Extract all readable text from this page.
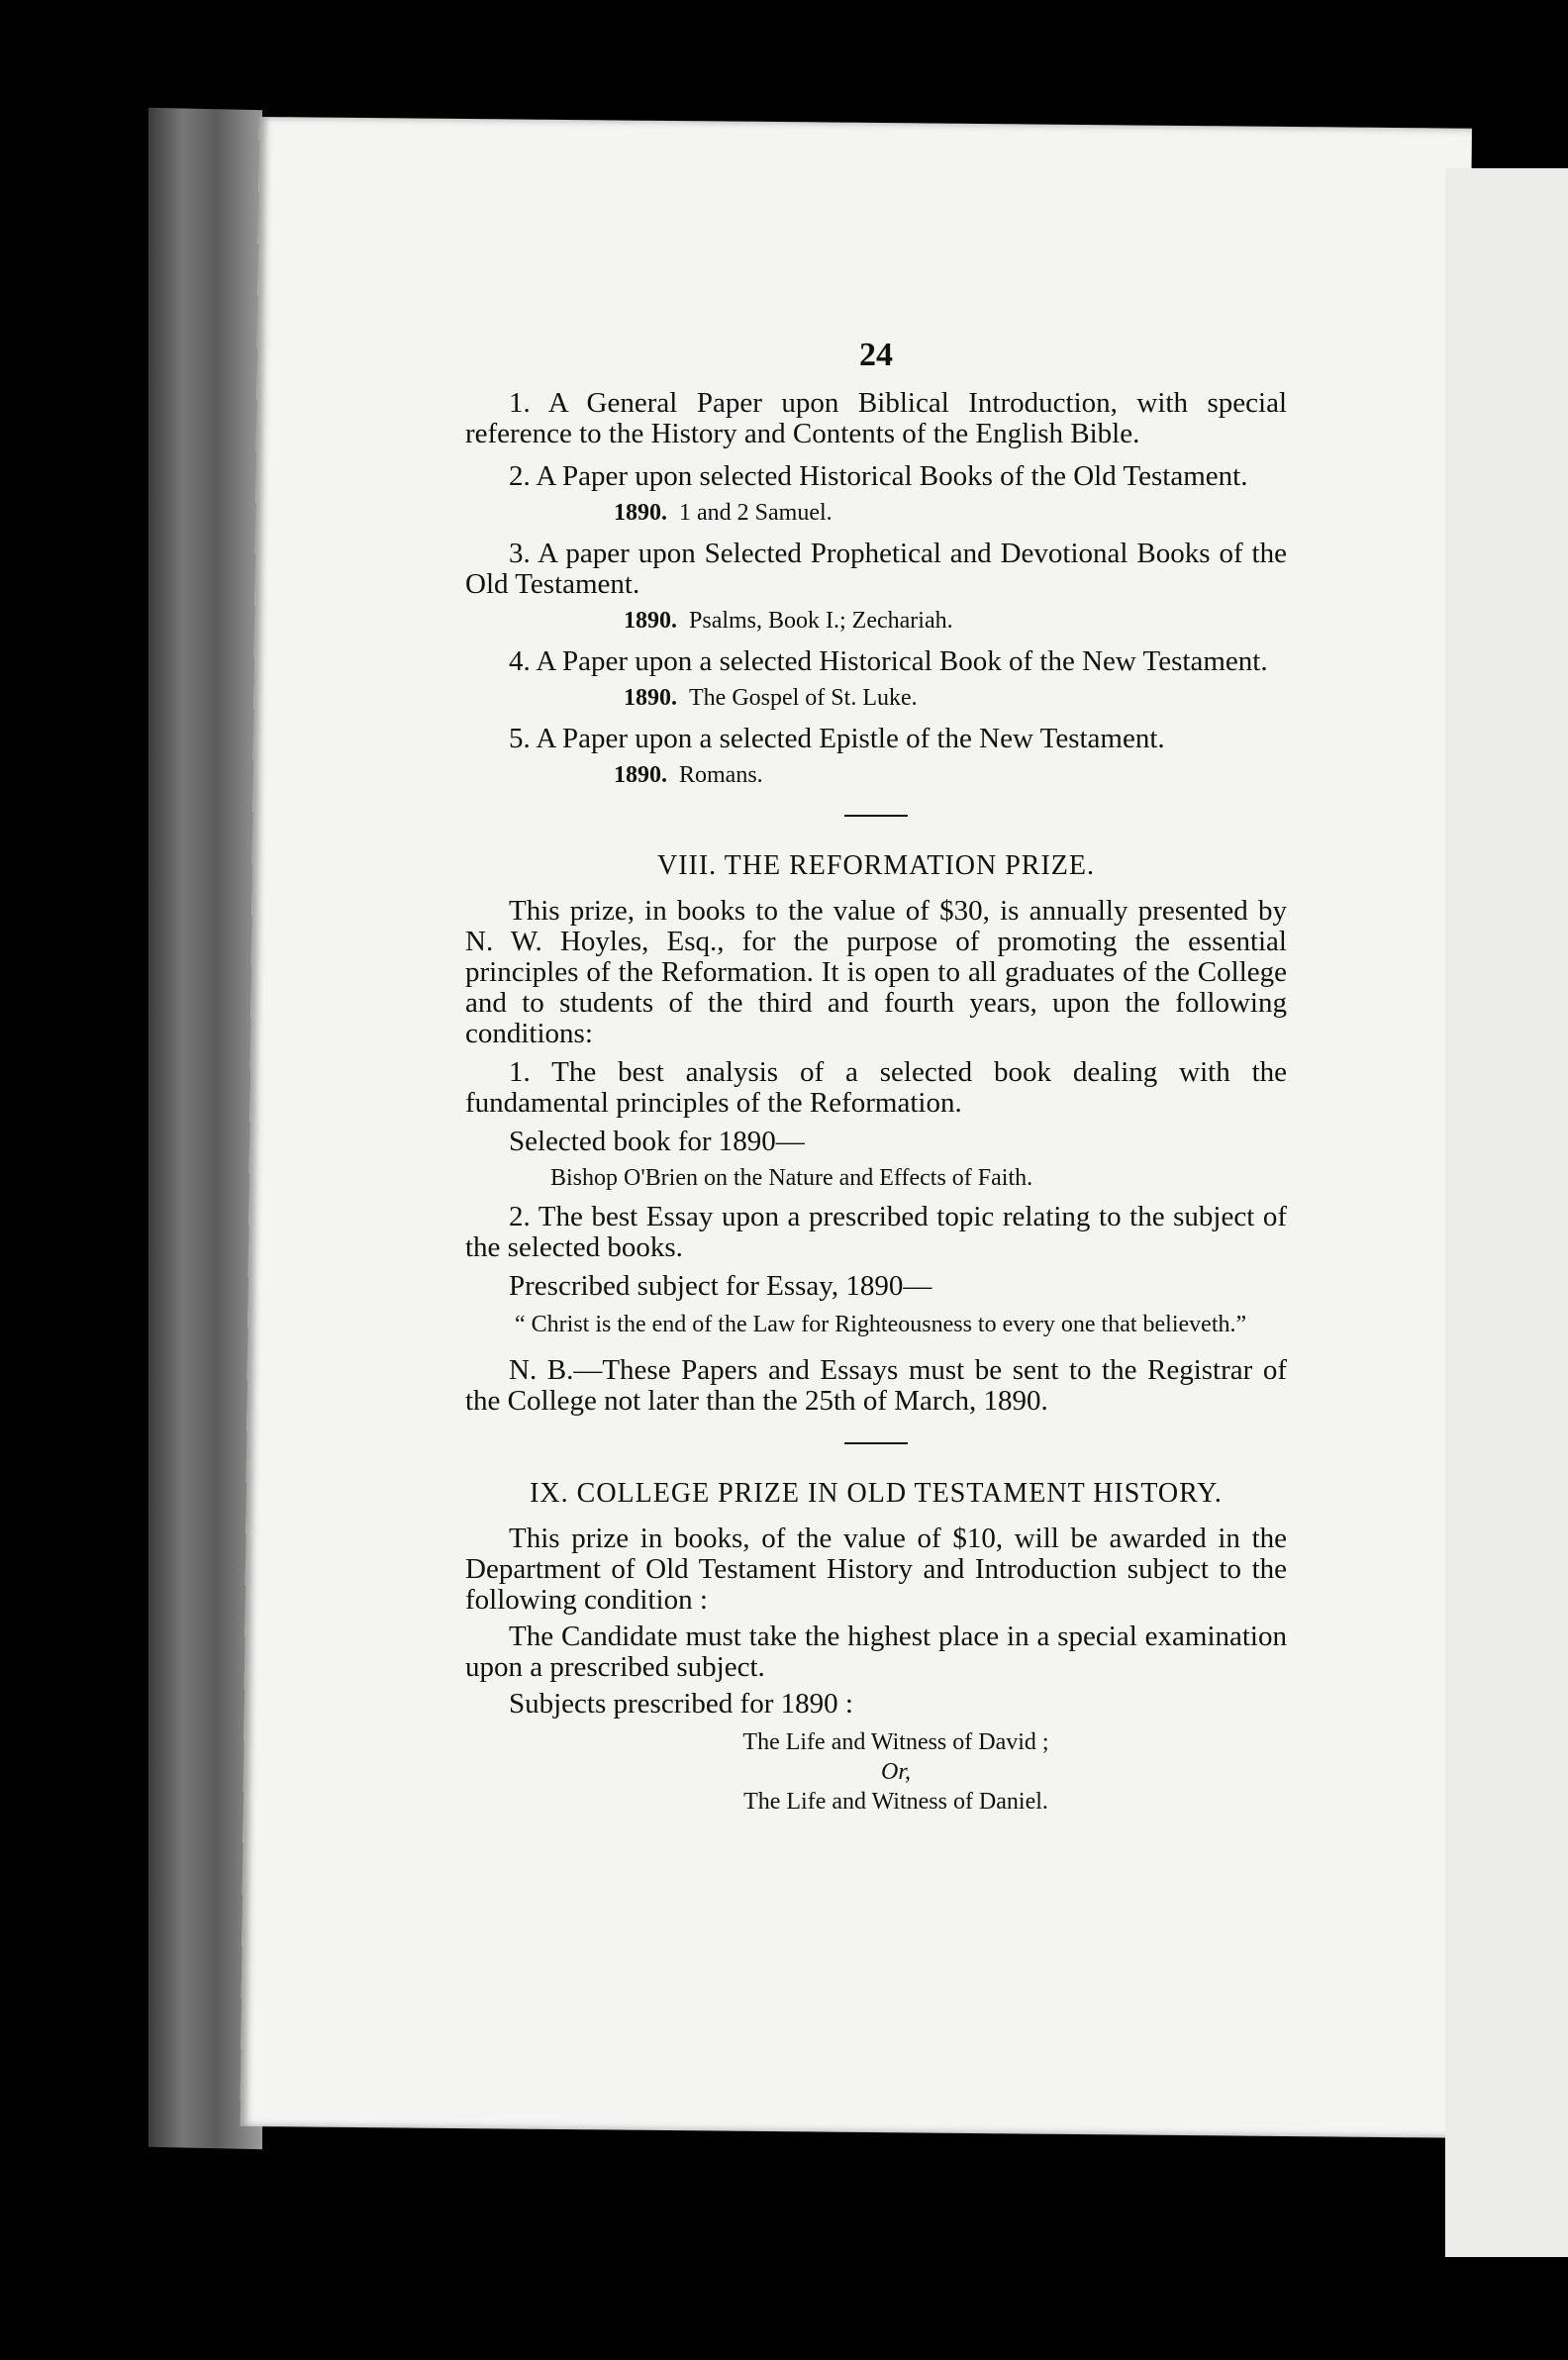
24

1. A General Paper upon Biblical Introduction, with special reference to the History and Contents of the English Bible.

2. A Paper upon selected Historical Books of the Old Testament.

1890. 1 and 2 Samuel.

3. A paper upon Selected Prophetical and Devotional Books of the Old Testament.

1890. Psalms, Book I.; Zechariah.

4. A Paper upon a selected Historical Book of the New Testament.

1890. The Gospel of St. Luke.

5. A Paper upon a selected Epistle of the New Testament.

1890. Romans.
VIII. THE REFORMATION PRIZE.

This prize, in books to the value of $30, is annually presented by N. W. Hoyles, Esq., for the purpose of promoting the essential principles of the Reformation. It is open to all graduates of the College and to students of the third and fourth years, upon the following conditions:

1. The best analysis of a selected book dealing with the fundamental principles of the Reformation.

Selected book for 1890—

Bishop O'Brien on the Nature and Effects of Faith.

2. The best Essay upon a prescribed topic relating to the subject of the selected books.

Prescribed subject for Essay, 1890—

“ Christ is the end of the Law for Righteousness to every one that believeth.”

N. B.—These Papers and Essays must be sent to the Registrar of the College not later than the 25th of March, 1890.

IX. COLLEGE PRIZE IN OLD TESTAMENT HISTORY.

This prize in books, of the value of $10, will be awarded in the Department of Old Testament History and Introduction subject to the following condition :

The Candidate must take the highest place in a special examination upon a prescribed subject.

Subjects prescribed for 1890 :

The Life and Witness of David ;
Or,
The Life and Witness of Daniel.
